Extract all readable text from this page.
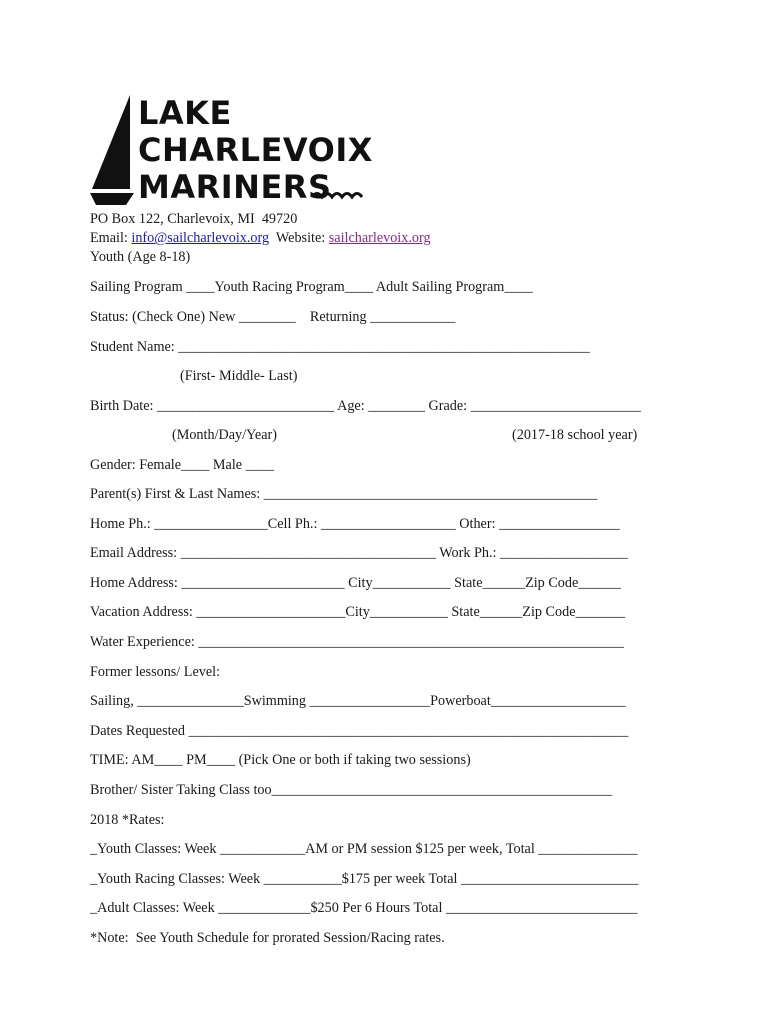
LAKE
CHARLEVOIX
MARINERS
PO Box 122, Charlevoix, MI  49720
Email: info@sailcharlevoix.org  Website: sailcharlevoix.org
Youth (Age 8-18)
Sailing Program ____Youth Racing Program____ Adult Sailing Program____
Status: (Check One) New ________    Returning ____________
Student Name: __________________________________________________________
(First- Middle- Last)
Birth Date: _________________________ Age: ________ Grade: ________________________
(Month/Day/Year)	(2017-18 school year)
Gender: Female____ Male ____
Parent(s) First & Last Names: _______________________________________________
Home Ph.: ________________Cell Ph.: ___________________ Other: _________________
Email Address: ____________________________________ Work Ph.: __________________
Home Address: _______________________ City___________ State______Zip Code______
Vacation Address: _____________________City___________ State______Zip Code_______
Water Experience: ____________________________________________________________
Former lessons/ Level:
Sailing, _______________Swimming _________________Powerboat___________________
Dates Requested ______________________________________________________________
TIME: AM____ PM____ (Pick One or both if taking two sessions)
Brother/ Sister Taking Class too________________________________________________
2018 *Rates:
_Youth Classes: Week ____________AM or PM session $125 per week, Total ______________
_Youth Racing Classes: Week ___________$175 per week Total _________________________
_Adult Classes: Week _____________$250 Per 6 Hours Total ___________________________
*Note:  See Youth Schedule for prorated Session/Racing rates.
